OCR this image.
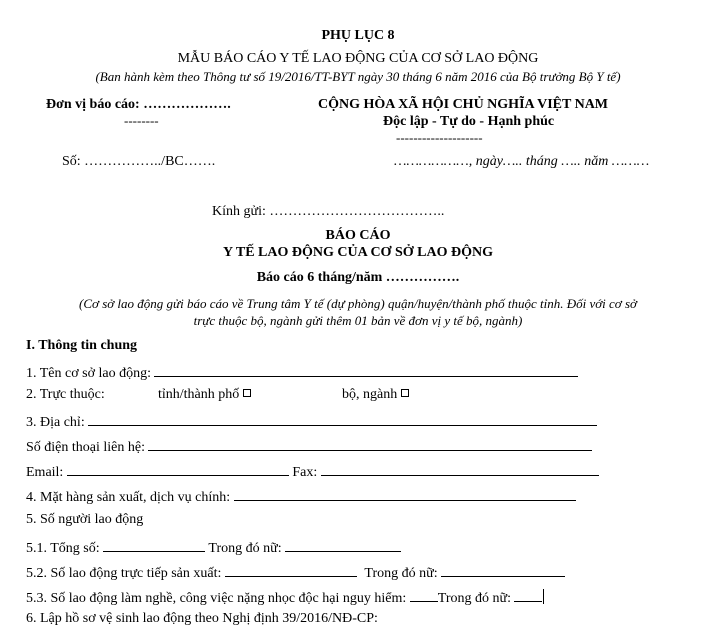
PHỤ LỤC 8
MẪU BÁO CÁO Y TẾ LAO ĐỘNG CỦA CƠ SỞ LAO ĐỘNG
(Ban hành kèm theo Thông tư số 19/2016/TT-BYT ngày 30 tháng 6 năm 2016 của Bộ trưởng Bộ Y tế)
Đơn vị báo cáo: ……………….
--------
Số: ……………../BC…….
CỘNG HÒA XÃ HỘI CHỦ NGHĨA VIỆT NAM
Độc lập - Tự do - Hạnh phúc
--------------------
………………, ngày….. tháng ….. năm ………
Kính gửi: ………………………………..
BÁO CÁO
Y TẾ LAO ĐỘNG CỦA CƠ SỞ LAO ĐỘNG
Báo cáo 6 tháng/năm …………….
(Cơ sở lao động gửi báo cáo về Trung tâm Y tế (dự phòng) quận/huyện/thành phố thuộc tỉnh. Đối với cơ sở
trực thuộc bộ, ngành gửi thêm 01 bản về đơn vị y tế bộ, ngành)
I. Thông tin chung
1. Tên cơ sở lao động:
2. Trực thuộc:	tỉnh/thành phố	bộ, ngành
3. Địa chỉ:
Số điện thoại liên hệ:
Email:	Fax:
4. Mặt hàng sản xuất, dịch vụ chính:
5. Số người lao động
5.1. Tổng số:	Trong đó nữ:
5.2. Số lao động trực tiếp sản xuất:	Trong đó nữ:
5.3. Số lao động làm nghề, công việc nặng nhọc độc hại nguy hiểm: Trong đó nữ:
6. Lập hồ sơ vệ sinh lao động theo Nghị định 39/2016/NĐ-CP:
